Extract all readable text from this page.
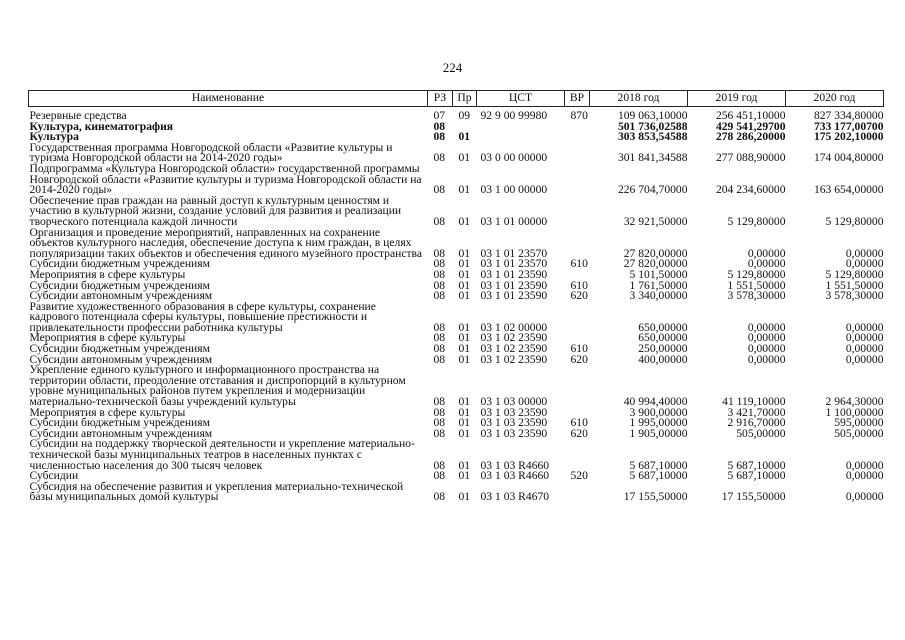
224
Наименование	РЗ	Пр	ЦСТ	ВР	2018 год	2019 год	2020 год
Резервные средства	07	09	92 9 00 99980	870	109 063,10000	256 451,10000	827 334,80000
Культура, кинематография	08				501 736,02588	429 541,29700	733 177,00700
Культура	08	01			303 853,54588	278 286,20000	175 202,10000
Государственная программа Новгородской области «Развитие культуры и туризма Новгородской области на 2014-2020 годы»	08	01	03 0 00 00000		301 841,34588	277 088,90000	174 004,80000
Подпрограмма «Культура Новгородской области» государственной программы Новгородской области «Развитие культуры и туризма Новгородской области на 2014-2020 годы»	08	01	03 1 00 00000		226 704,70000	204 234,60000	163 654,00000
Обеспечение прав граждан на равный доступ к культурным ценностям и участию в культурной жизни, создание условий для развития и реализации творческого потенциала каждой личности	08	01	03 1 01 00000		32 921,50000	5 129,80000	5 129,80000
Организация и проведение мероприятий, направленных на сохранение объектов культурного наследия, обеспечение доступа к ним граждан, в целях популяризации таких объектов и обеспечения единого музейного пространства	08	01	03 1 01 23570		27 820,00000	0,00000	0,00000
Субсидии бюджетным учреждениям	08	01	03 1 01 23570	610	27 820,00000	0,00000	0,00000
Мероприятия в сфере культуры	08	01	03 1 01 23590		5 101,50000	5 129,80000	5 129,80000
Субсидии бюджетным учреждениям	08	01	03 1 01 23590	610	1 761,50000	1 551,50000	1 551,50000
Субсидии автономным учреждениям	08	01	03 1 01 23590	620	3 340,00000	3 578,30000	3 578,30000
Развитие художественного образования в сфере культуры, сохранение кадрового потенциала сферы культуры, повышение престижности и привлекательности профессии работника культуры	08	01	03 1 02 00000		650,00000	0,00000	0,00000
Мероприятия в сфере культуры	08	01	03 1 02 23590		650,00000	0,00000	0,00000
Субсидии бюджетным учреждениям	08	01	03 1 02 23590	610	250,00000	0,00000	0,00000
Субсидии автономным учреждениям	08	01	03 1 02 23590	620	400,00000	0,00000	0,00000
Укрепление единого культурного и информационного пространства на территории области, преодоление отставания и диспропорций в культурном уровне муниципальных районов путем укрепления и модернизации материально-технической базы учреждений культуры	08	01	03 1 03 00000		40 994,40000	41 119,10000	2 964,30000
Мероприятия в сфере культуры	08	01	03 1 03 23590		3 900,00000	3 421,70000	1 100,00000
Субсидии бюджетным учреждениям	08	01	03 1 03 23590	610	1 995,00000	2 916,70000	595,00000
Субсидии автономным учреждениям	08	01	03 1 03 23590	620	1 905,00000	505,00000	505,00000
Субсидии на поддержку творческой деятельности и укрепление материально-технической базы муниципальных театров в населенных пунктах с численностью населения до 300 тысяч человек	08	01	03 1 03 R4660		5 687,10000	5 687,10000	0,00000
Субсидии	08	01	03 1 03 R4660	520	5 687,10000	5 687,10000	0,00000
Субсидия на обеспечение развития и укрепления материально-технической базы муниципальных домой культуры	08	01	03 1 03 R4670		17 155,50000	17 155,50000	0,00000
